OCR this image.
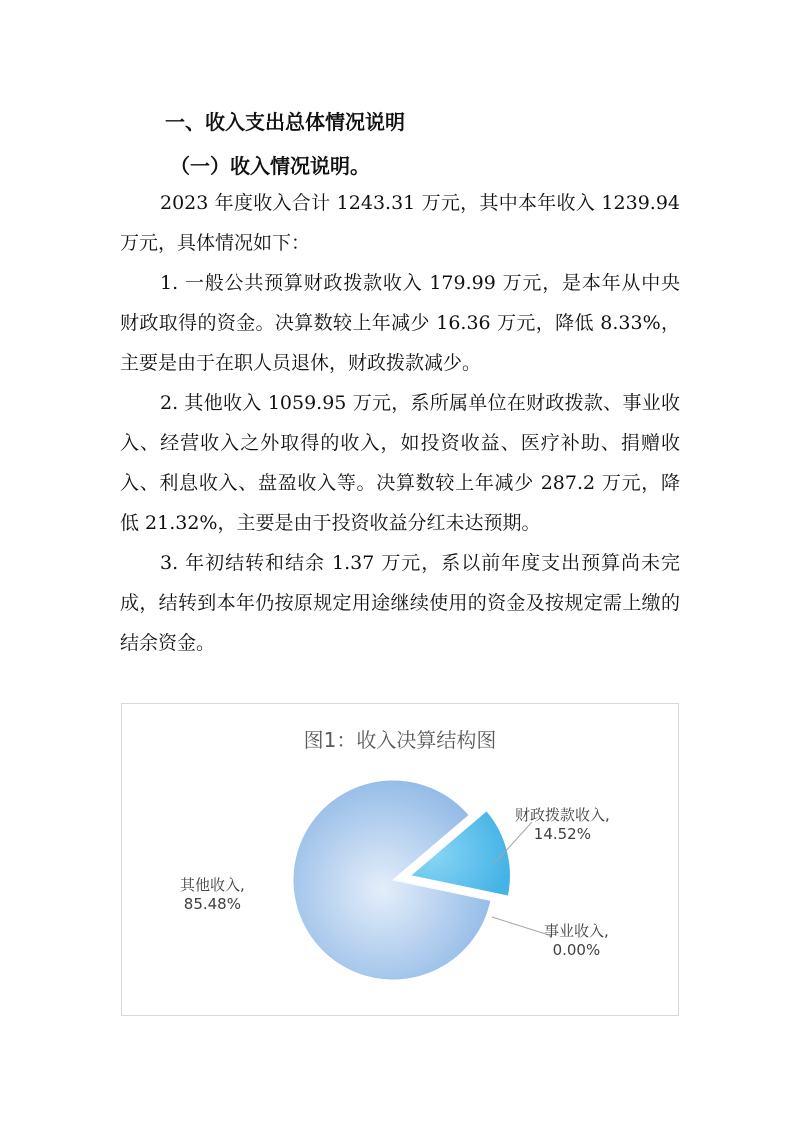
一、收入支出总体情况说明
（一）收入情况说明。

2023 年度收入合计 1243.31 万元，其中本年收入 1239.94 万元，具体情况如下：

1. 一般公共预算财政拨款收入 179.99 万元，是本年从中央财政取得的资金。决算数较上年减少 16.36 万元，降低 8.33%，主要是由于在职人员退休，财政拨款减少。

2. 其他收入 1059.95 万元，系所属单位在财政拨款、事业收入、经营收入之外取得的收入，如投资收益、医疗补助、捐赠收入、利息收入、盘盈收入等。决算数较上年减少 287.2 万元，降低 21.32%，主要是由于投资收益分红未达预期。

3. 年初结转和结余 1.37 万元，系以前年度支出预算尚未完成，结转到本年仍按原规定用途继续使用的资金及按规定需上缴的结余资金。

图1：收入决算结构图
财政拨款收入,
14.52%
事业收入,
0.00%
其他收入,
85.48%
